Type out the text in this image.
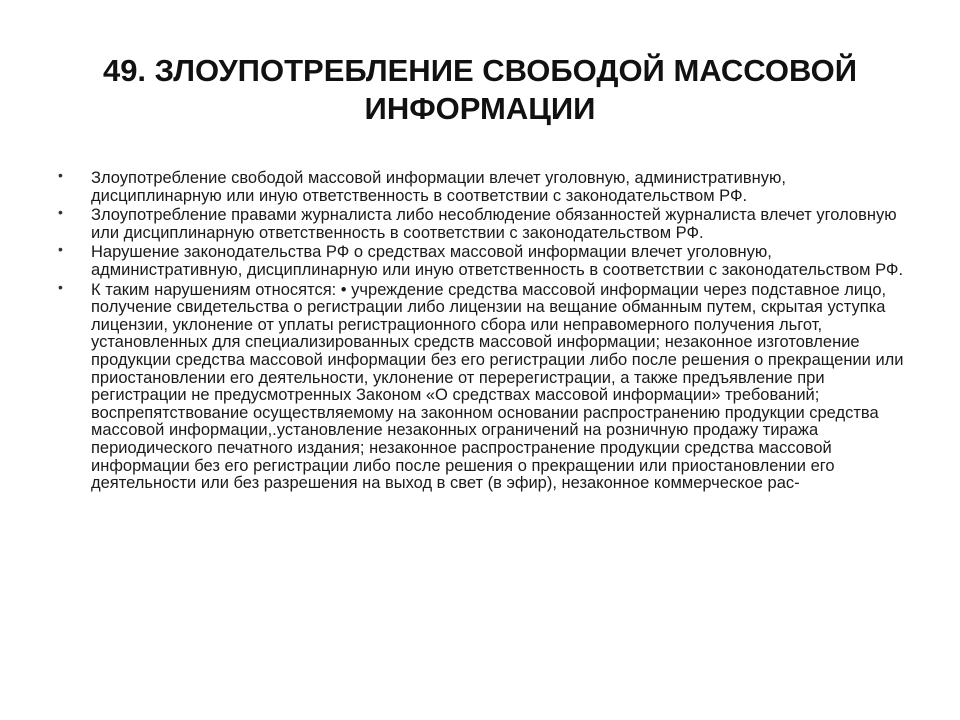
49. ЗЛОУПОТРЕБЛЕНИЕ СВОБОДОЙ МАССОВОЙ ИНФОРМАЦИИ
•	Злоупотребление свободой массовой информации влечет уголовную, административную, дисциплинарную или иную ответственность в соответствии с законодательством РФ.
•	Злоупотребление правами журналиста либо несоблюдение обязанностей журналиста влечет уголовную или дисциплинарную ответственность в соответствии с законодательством РФ.
•	Нарушение законодательства РФ о средствах массовой информации влечет уголовную, административную, дисциплинарную или иную ответственность в соответствии с законодательством РФ.
•	К таким нарушениям относятся: • учреждение средства массовой информации через подставное лицо, получение свидетельства о регистрации либо лицензии на вещание обманным путем, скрытая уступка лицензии, уклонение от уплаты регистрационного сбора или неправомерного получения льгот, установленных для специализированных средств массовой информации; незаконное изготовление продукции средства массовой информации без его регистрации либо после решения о прекращении или приостановлении его деятельности, уклонение от перерегистрации, а также предъявление при регистрации не предусмотренных Законом «О средствах массовой информации» требований; воспрепятствование осуществляемому на законном основании распространению продукции средства массовой информации,.установление незаконных ограничений на розничную продажу тиража периодического печатного издания; незаконное распространение продукции средства массовой информации без его регистрации либо после решения о прекращении или приостановлении его деятельности или без разрешения на выход в свет (в эфир), незаконное коммерческое рас-
